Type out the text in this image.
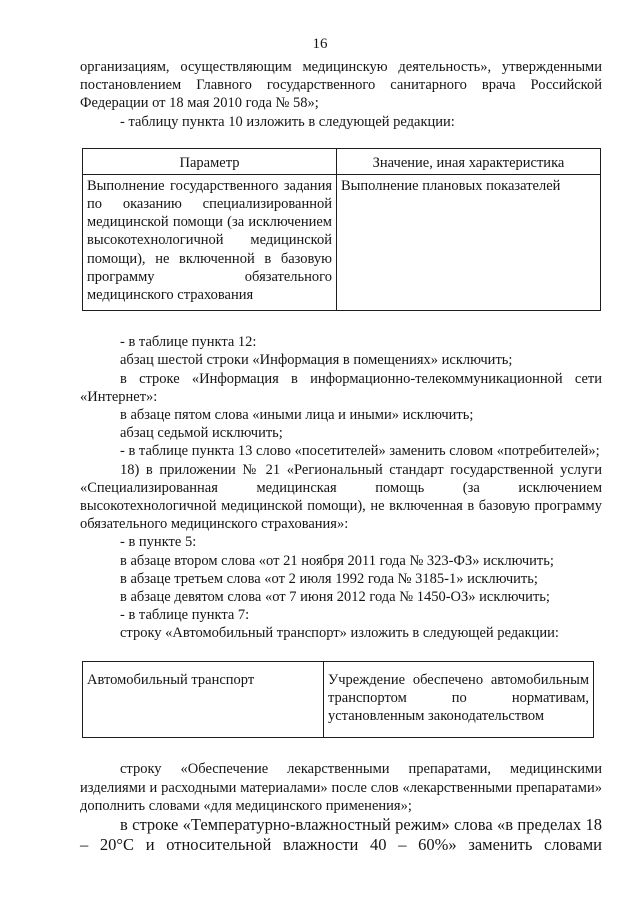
16

организациям, осуществляющим медицинскую деятельность», утвержденными постановлением Главного государственного санитарного врача Российской Федерации от 18 мая 2010 года № 58»;

- таблицу пункта 10 изложить в следующей редакции:

Параметр	Значение, иная характеристика
Выполнение государственного задания по оказанию специализированной медицинской помощи (за исключением высокотехнологичной медицинской помощи), не включенной в базовую программу обязательного медицинского страхования	Выполнение плановых показателей

- в таблице пункта 12:

абзац шестой строки «Информация в помещениях» исключить;

в строке «Информация в информационно-телекоммуникационной сети «Интернет»:

в абзаце пятом слова «иными лица и иными» исключить;

абзац седьмой исключить;

- в таблице пункта 13 слово «посетителей» заменить словом «потребителей»;

18) в приложении № 21 «Региональный стандарт государственной услуги «Специализированная медицинская помощь (за исключением высокотехнологичной медицинской помощи), не включенная в базовую программу обязательного медицинского страхования»:

- в пункте 5:

в абзаце втором слова «от 21 ноября 2011 года № 323-ФЗ» исключить;

в абзаце третьем слова «от 2 июля 1992 года № 3185-1» исключить;

в абзаце девятом слова «от 7 июня 2012 года № 1450-ОЗ» исключить;

- в таблице пункта 7:

строку «Автомобильный транспорт» изложить в следующей редакции:

Автомобильный транспорт	Учреждение обеспечено автомобильным транспортом по нормативам, установленным законодательством

строку «Обеспечение лекарственными препаратами, медицинскими изделиями и расходными материалами» после слов «лекарственными препаратами» дополнить словами «для медицинского применения»;

в строке «Температурно-влажностный режим» слова «в пределах 18 – 20°С и относительной влажности 40 – 60%» заменить словами
